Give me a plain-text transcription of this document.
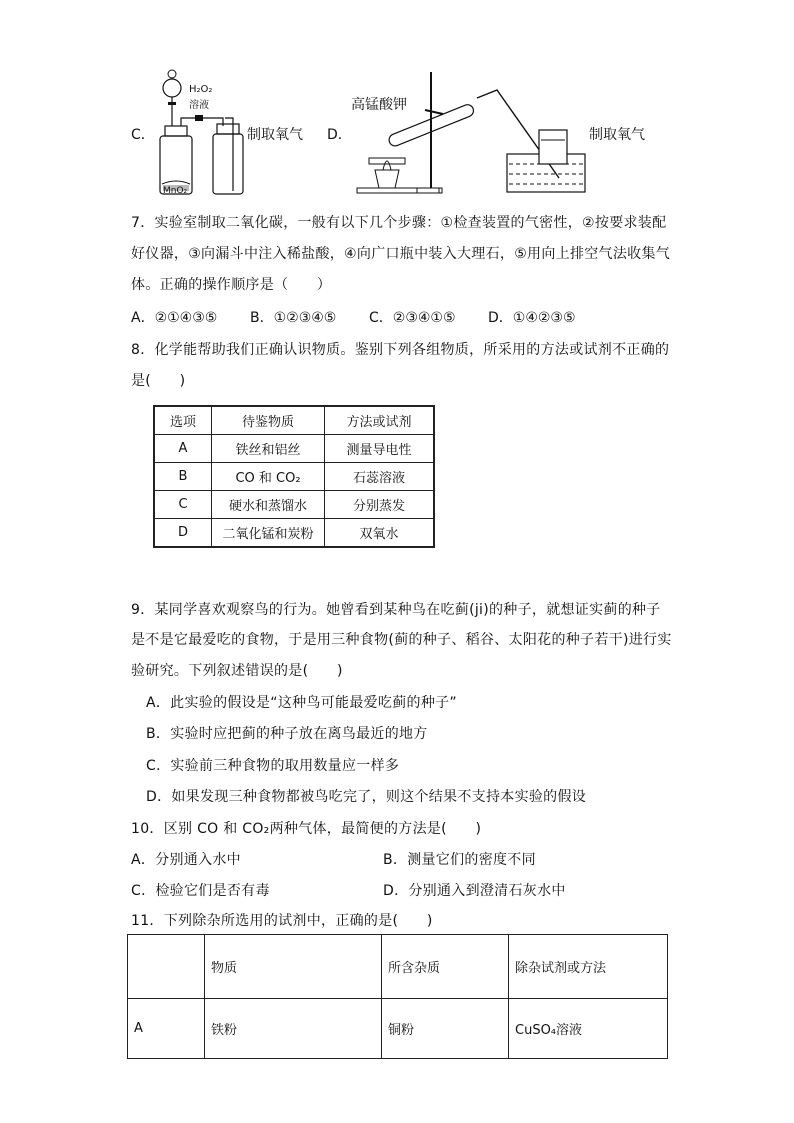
C．
H₂O₂
溶液
MnO₂
制取氧气 D．
高锰酸钾
制取氧气
7．实验室制取二氧化碳，一般有以下几个步骤：①检查装置的气密性，②按要求装配
好仪器，③向漏斗中注入稀盐酸，④向广口瓶中装入大理石，⑤用向上排空气法收集气
体。正确的操作顺序是（　　）
A．②①④③⑤ B．①②③④⑤ C．②③④①⑤ D．①④②③⑤
8．化学能帮助我们正确认识物质。鉴别下列各组物质，所采用的方法或试剂不正确的
是(　　)
选项	待鉴物质	方法或试剂
A	铁丝和铝丝	测量导电性
B	CO 和 CO₂	石蕊溶液
C	硬水和蒸馏水	分别蒸发
D	二氧化锰和炭粉	双氧水
9．某同学喜欢观察鸟的行为。她曾看到某种鸟在吃蓟(ji)的种子，就想证实蓟的种子
是不是它最爱吃的食物，于是用三种食物(蓟的种子、稻谷、太阳花的种子若干)进行实
验研究。下列叙述错误的是(　　)
A．此实验的假设是“这种鸟可能最爱吃蓟的种子”
B．实验时应把蓟的种子放在离鸟最近的地方
C．实验前三种食物的取用数量应一样多
D．如果发现三种食物都被鸟吃完了，则这个结果不支持本实验的假设
10．区别 CO 和 CO₂两种气体，最简便的方法是(　　)
A．分别通入水中	B．测量它们的密度不同
C．检验它们是否有毒	D．分别通入到澄清石灰水中
11．下列除杂所选用的试剂中，正确的是(　　)
	物质	所含杂质	除杂试剂或方法
A	铁粉	铜粉	CuSO₄溶液
